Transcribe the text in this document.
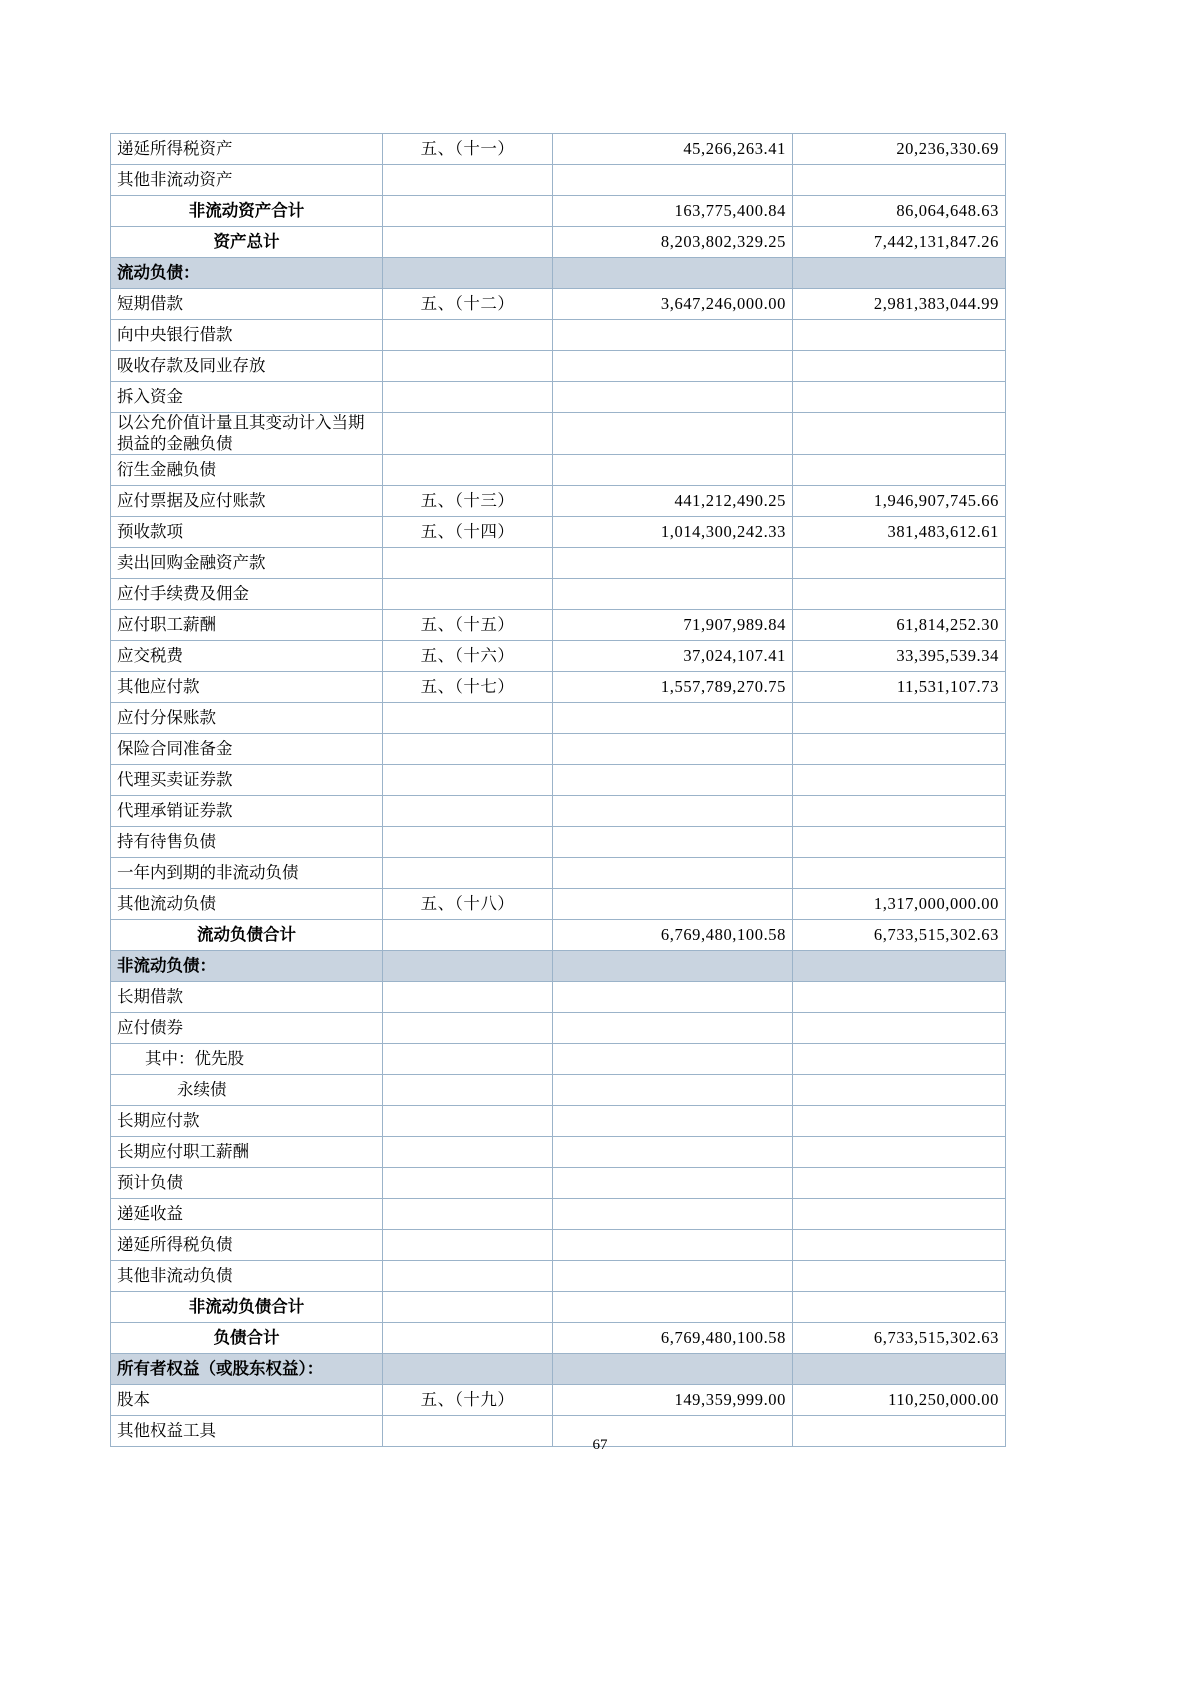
递延所得税资产	五、（十一）	45,266,263.41	20,236,330.69
其他非流动资产			
非流动资产合计		163,775,400.84	86,064,648.63
资产总计		8,203,802,329.25	7,442,131,847.26
流动负债：			
短期借款	五、（十二）	3,647,246,000.00	2,981,383,044.99
向中央银行借款			
吸收存款及同业存放			
拆入资金			
以公允价值计量且其变动计入当期损益的金融负债			
衍生金融负债			
应付票据及应付账款	五、（十三）	441,212,490.25	1,946,907,745.66
预收款项	五、（十四）	1,014,300,242.33	381,483,612.61
卖出回购金融资产款			
应付手续费及佣金			
应付职工薪酬	五、（十五）	71,907,989.84	61,814,252.30
应交税费	五、（十六）	37,024,107.41	33,395,539.34
其他应付款	五、（十七）	1,557,789,270.75	11,531,107.73
应付分保账款			
保险合同准备金			
代理买卖证券款			
代理承销证券款			
持有待售负债			
一年内到期的非流动负债			
其他流动负债	五、（十八）		1,317,000,000.00
流动负债合计		6,769,480,100.58	6,733,515,302.63
非流动负债：			
长期借款			
应付债券			
其中：优先股			
永续债			
长期应付款			
长期应付职工薪酬			
预计负债			
递延收益			
递延所得税负债			
其他非流动负债			
非流动负债合计			
负债合计		6,769,480,100.58	6,733,515,302.63
所有者权益（或股东权益）：			
股本	五、（十九）	149,359,999.00	110,250,000.00
其他权益工具			
67
